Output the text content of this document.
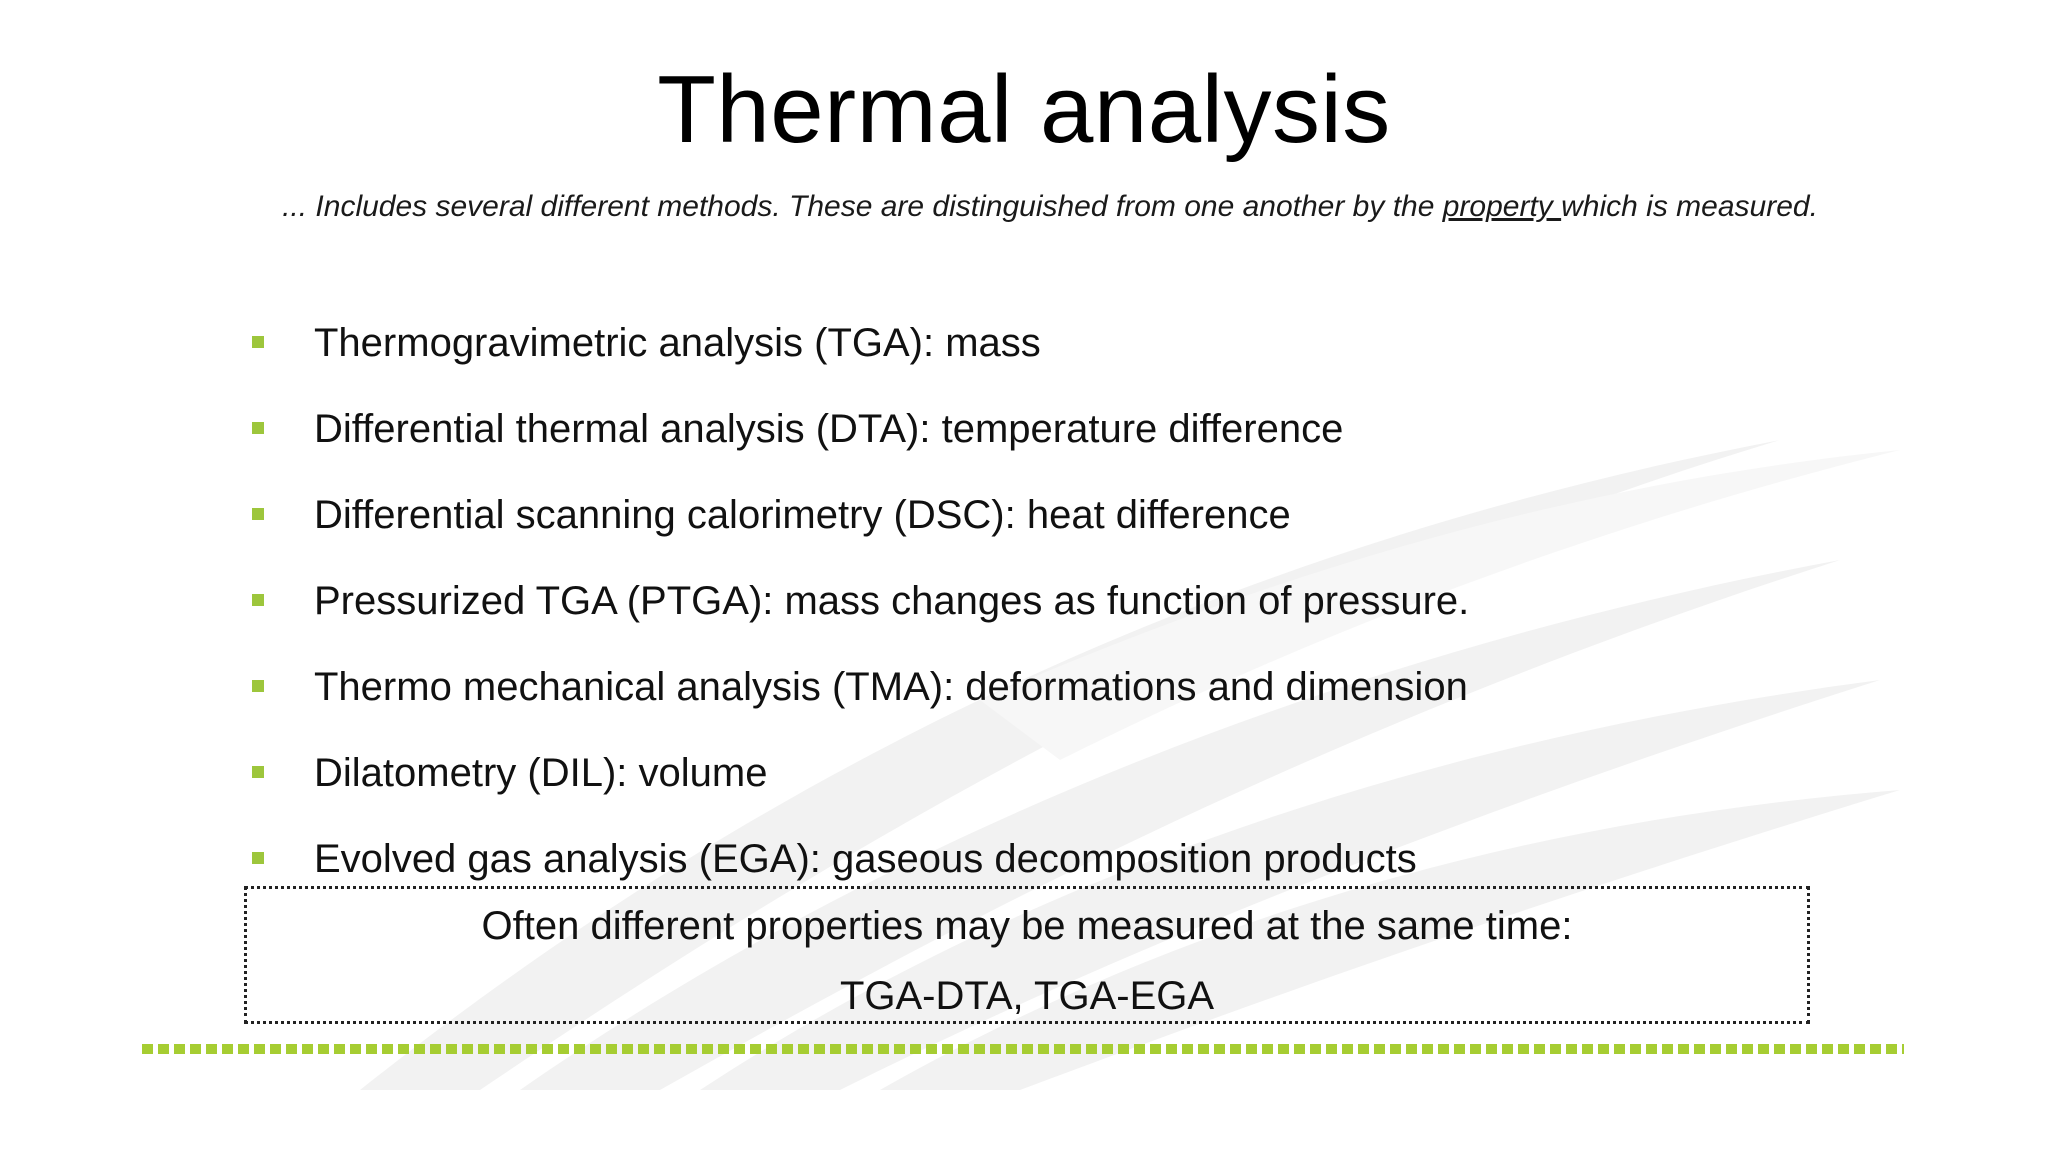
Thermal analysis
... Includes several different methods. These are distinguished from one another by the property which is measured.
Thermogravimetric analysis (TGA): mass
Differential thermal analysis (DTA): temperature difference
Differential scanning calorimetry (DSC): heat difference
Pressurized TGA (PTGA): mass changes as function of pressure.
Thermo mechanical analysis (TMA): deformations and dimension
Dilatometry (DIL): volume
Evolved gas analysis (EGA): gaseous decomposition products
Often different properties may be measured at the same time:
TGA-DTA, TGA-EGA
